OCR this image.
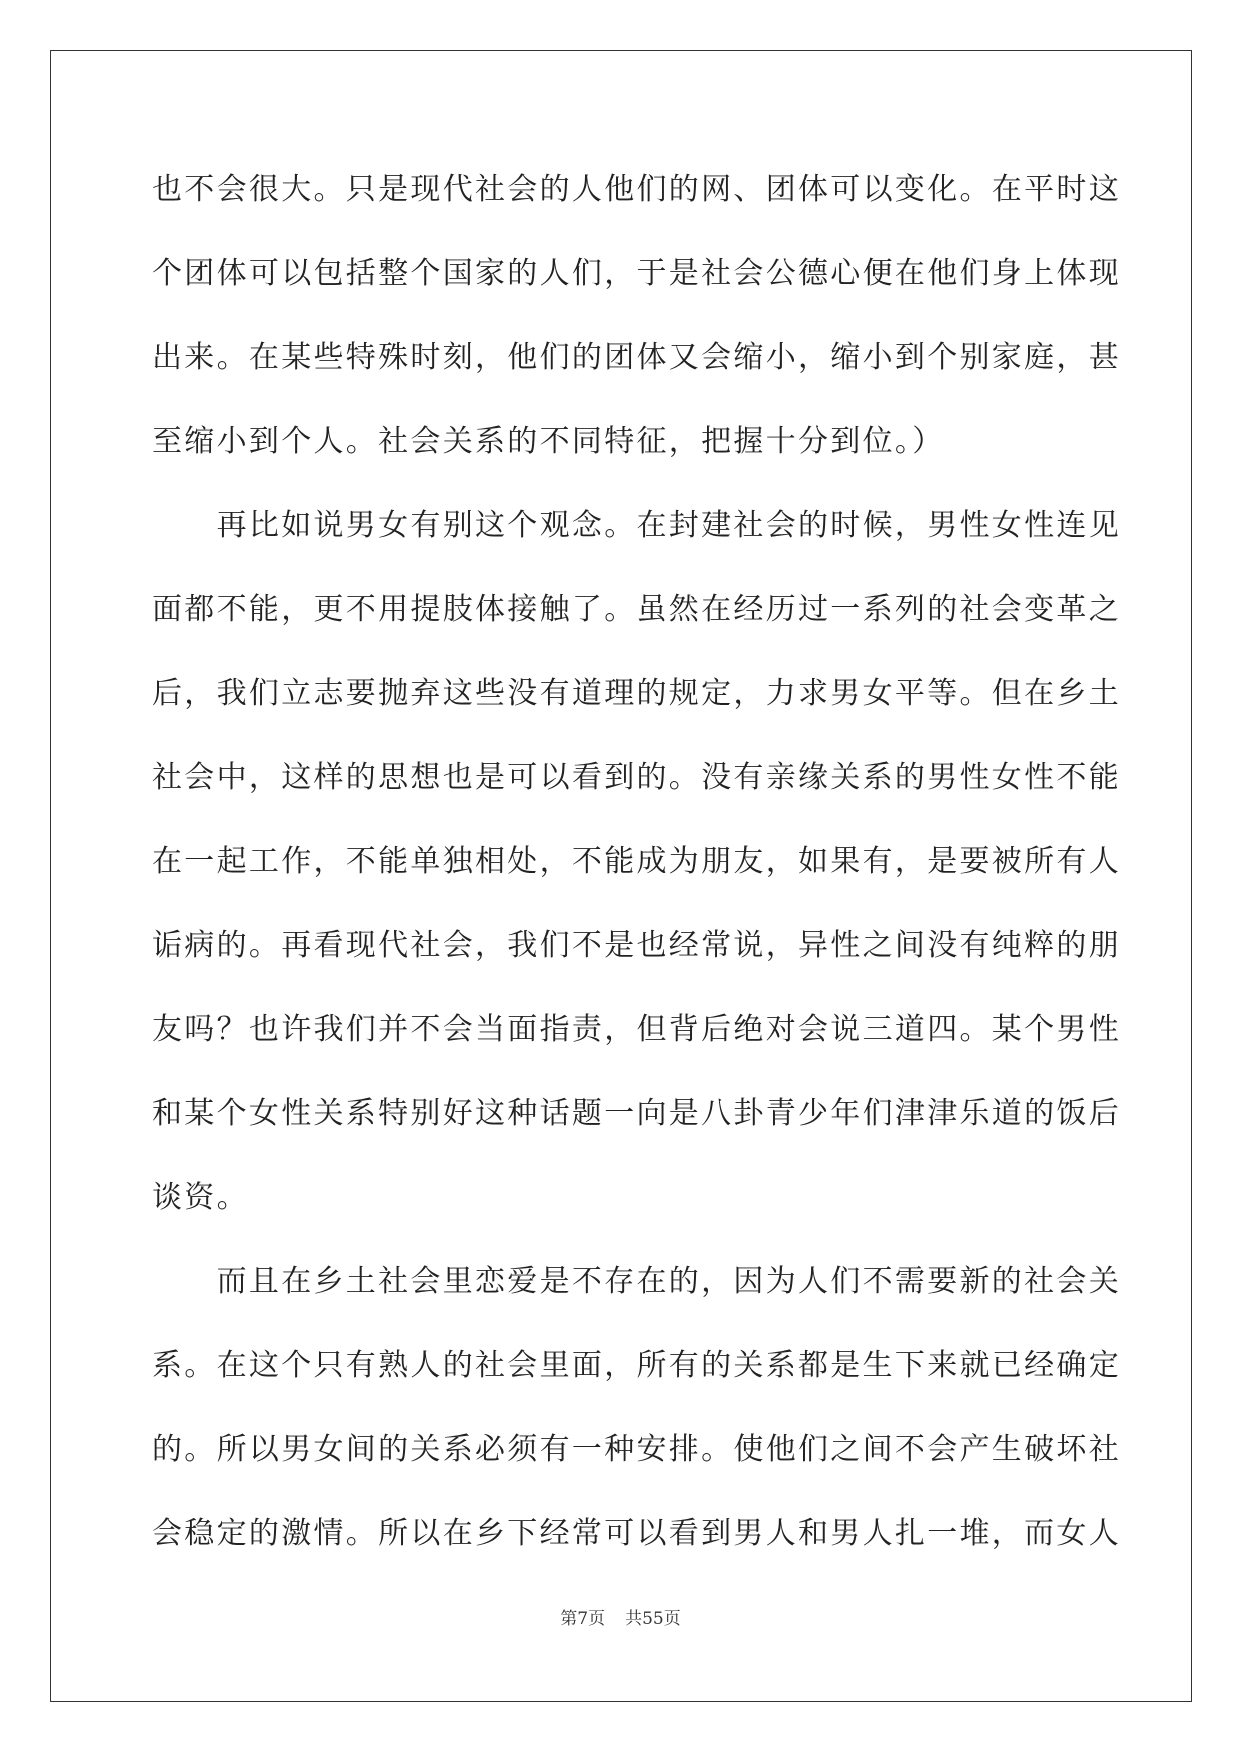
也不会很大。只是现代社会的人他们的网、团体可以变化。在平时这
个团体可以包括整个国家的人们，于是社会公德心便在他们身上体现
出来。在某些特殊时刻，他们的团体又会缩小，缩小到个别家庭，甚
至缩小到个人。社会关系的不同特征，把握十分到位。）
　　再比如说男女有别这个观念。在封建社会的时候，男性女性连见
面都不能，更不用提肢体接触了。虽然在经历过一系列的社会变革之
后，我们立志要抛弃这些没有道理的规定，力求男女平等。但在乡土
社会中，这样的思想也是可以看到的。没有亲缘关系的男性女性不能
在一起工作，不能单独相处，不能成为朋友，如果有，是要被所有人
诟病的。再看现代社会，我们不是也经常说，异性之间没有纯粹的朋
友吗？也许我们并不会当面指责，但背后绝对会说三道四。某个男性
和某个女性关系特别好这种话题一向是八卦青少年们津津乐道的饭后
谈资。
　　而且在乡土社会里恋爱是不存在的，因为人们不需要新的社会关
系。在这个只有熟人的社会里面，所有的关系都是生下来就已经确定
的。所以男女间的关系必须有一种安排。使他们之间不会产生破坏社
会稳定的激情。所以在乡下经常可以看到男人和男人扎一堆，而女人
第7页 共55页
